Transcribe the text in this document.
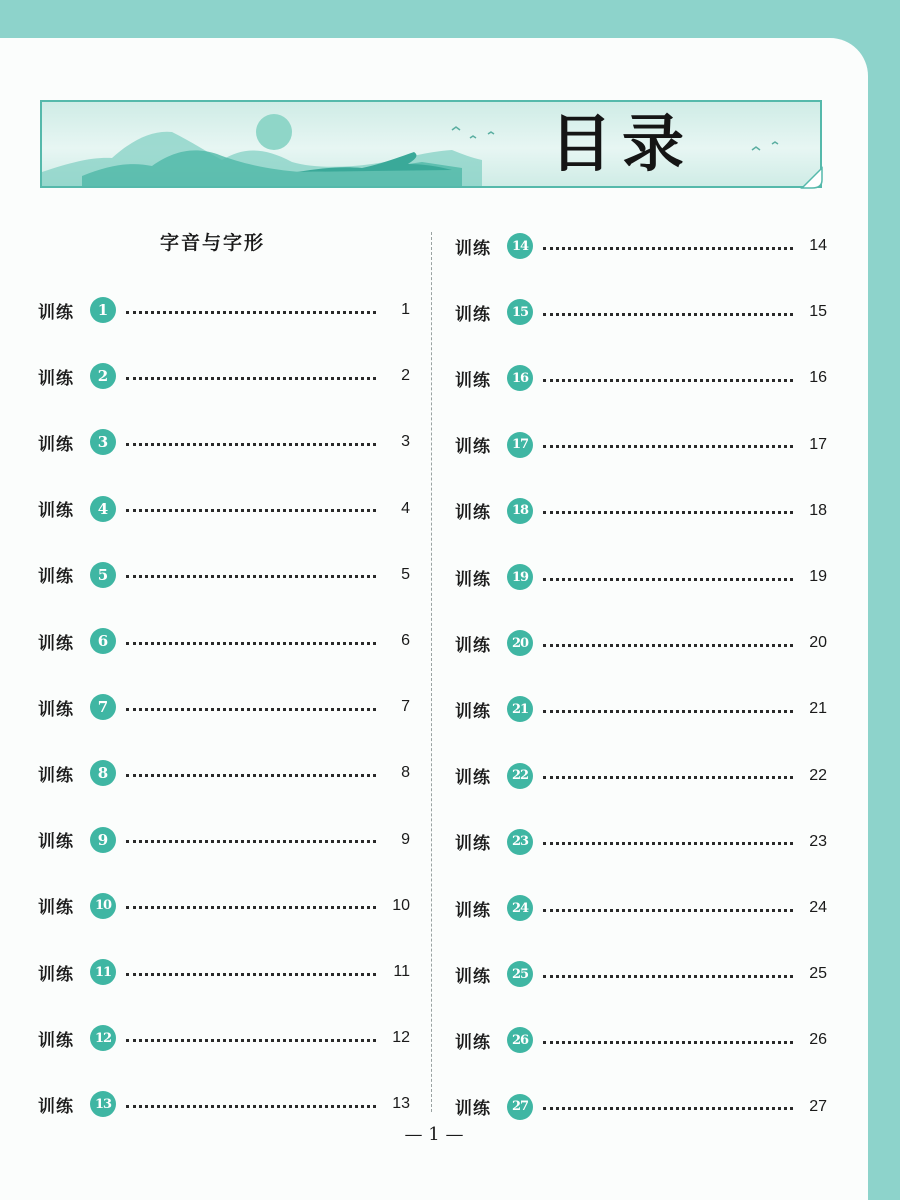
目录
字音与字形
训练	1	1
训练	2	2
训练	3	3
训练	4	4
训练	5	5
训练	6	6
训练	7	7
训练	8	8
训练	9	9
训练	10	10
训练	11	11
训练	12	12
训练	13	13
训练	14	14
训练	15	15
训练	16	16
训练	17	17
训练	18	18
训练	19	19
训练	20	20
训练	21	21
训练	22	22
训练	23	23
训练	24	24
训练	25	25
训练	26	26
训练	27	27

— 1 —
